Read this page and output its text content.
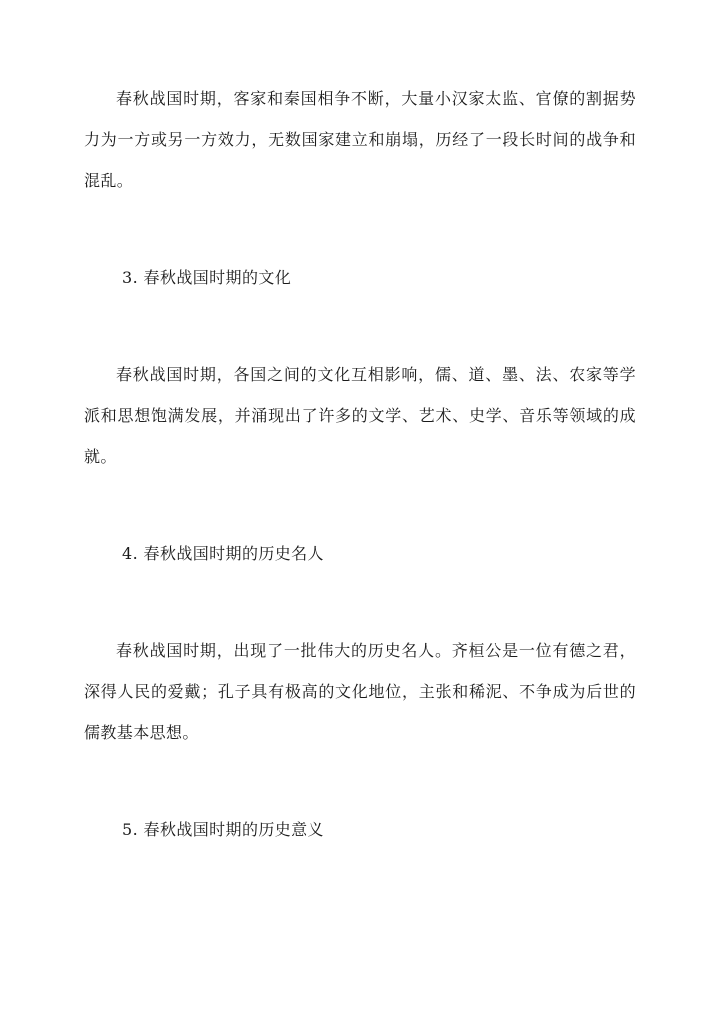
春秋战国时期，客家和秦国相争不断，大量小汉家太监、官僚的割据势力为一方或另一方效力，无数国家建立和崩塌，历经了一段长时间的战争和混乱。

3. 春秋战国时期的文化

春秋战国时期，各国之间的文化互相影响，儒、道、墨、法、农家等学派和思想饱满发展，并涌现出了许多的文学、艺术、史学、音乐等领域的成就。

4. 春秋战国时期的历史名人

春秋战国时期，出现了一批伟大的历史名人。齐桓公是一位有德之君，深得人民的爱戴；孔子具有极高的文化地位，主张和稀泥、不争成为后世的儒教基本思想。

5. 春秋战国时期的历史意义
